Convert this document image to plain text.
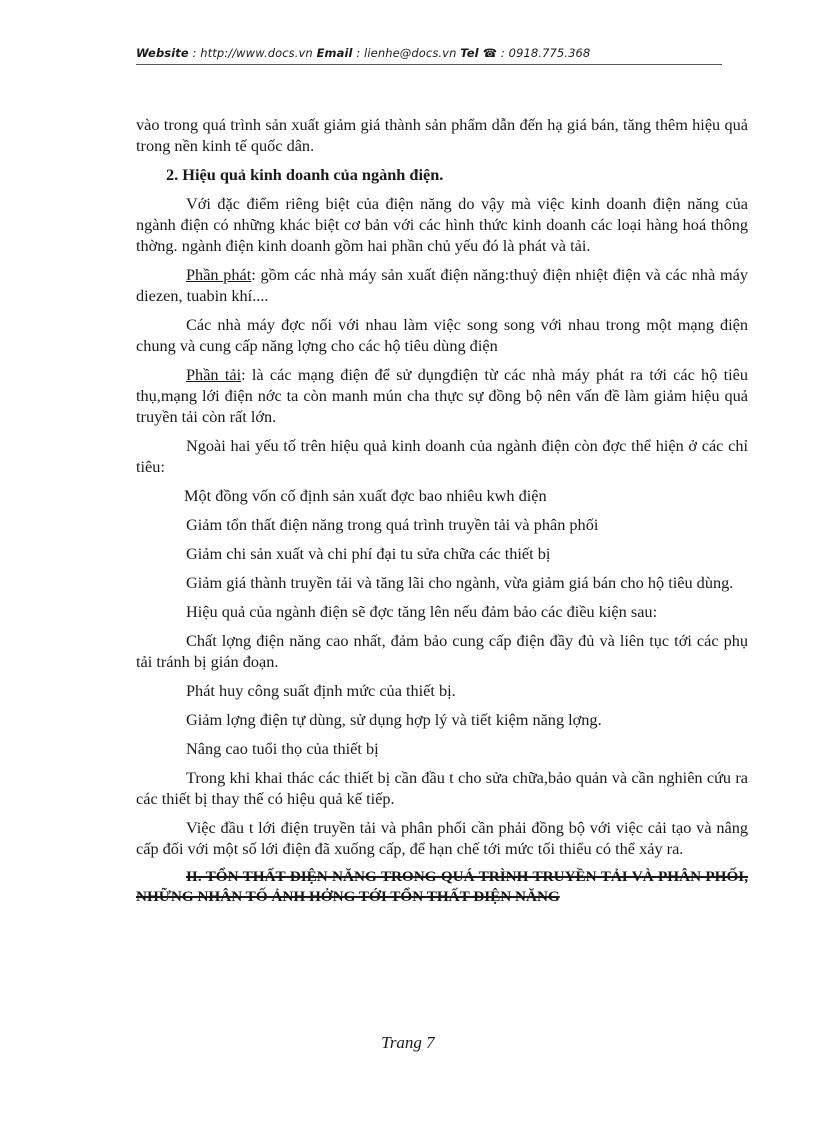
Website : http://www.docs.vn Email : lienhe@docs.vn Tel ☎ : 0918.775.368

vào trong quá trình sản xuất giảm giá thành sản phẩm dẫn đến hạ giá bán, tăng thêm hiệu quả trong nền kinh tế quốc dân.

2. Hiệu quả kinh doanh của ngành điện.

Với đặc điểm riêng biệt của điện năng do vậy mà việc kinh doanh điện năng của ngành điện có những khác biệt cơ bản với các hình thức kinh doanh các loại hàng hoá thông thờng. ngành điện kinh doanh gồm hai phần chủ yếu đó là phát và tải.

Phần phát: gồm các nhà máy sản xuất điện năng:thuỷ điện nhiệt điện và các nhà máy diezen, tuabin khí....

Các nhà máy đợc nối với nhau làm việc song song với nhau trong một mạng điện chung và cung cấp năng lợng cho các hộ tiêu dùng điện

Phần tải: là các mạng điện để sử dụngđiện từ các nhà máy phát ra tới các hộ tiêu thụ,mạng lới điện nớc ta còn manh mún cha thực sự đồng bộ nên vấn đề làm giảm hiệu quả truyền tải còn rất lớn.

Ngoài hai yếu tố trên hiệu quả kinh doanh của ngành điện còn đợc thể hiện ở các chỉ tiêu:

Một đồng vốn cố định sản xuất đợc bao nhiêu kwh điện

Giảm tổn thất điện năng trong quá trình truyền tải và phân phối

Giảm chi sản xuất và chi phí đại tu sửa chữa các thiết bị

Giảm giá thành truyền tải và tăng lãi cho ngành, vừa giảm giá bán cho hộ tiêu dùng.

Hiệu quả của ngành điện sẽ đợc tăng lên nếu đảm bảo các điều kiện sau:

Chất lợng điện năng cao nhất, đảm bảo cung cấp điện đầy đủ và liên tục tới các phụ tải tránh bị gián đoạn.

Phát huy công suất định mức của thiết bị.

Giảm lợng điện tự dùng, sử dụng hợp lý và tiết kiệm năng lợng.

Nâng cao tuổi thọ của thiết bị

Trong khi khai thác các thiết bị cần đầu t cho sửa chữa,bảo quản và cần nghiên cứu ra các thiết bị thay thế có hiệu quả kế tiếp.

Việc đầu t lới điện truyền tải và phân phối cần phải đồng bộ với việc cải tạo và nâng cấp đối với một số lới điện đã xuống cấp, để hạn chế tới mức tối thiểu có thể xảy ra.

II. TỔN THẤT ĐIỆN NĂNG TRONG QUÁ TRÌNH TRUYỀN TẢI VÀ PHÂN PHỐI, NHỮNG NHÂN TỐ ẢNH HỞNG TỚI TỔN THẤT ĐIỆN NĂNG

Trang 7
